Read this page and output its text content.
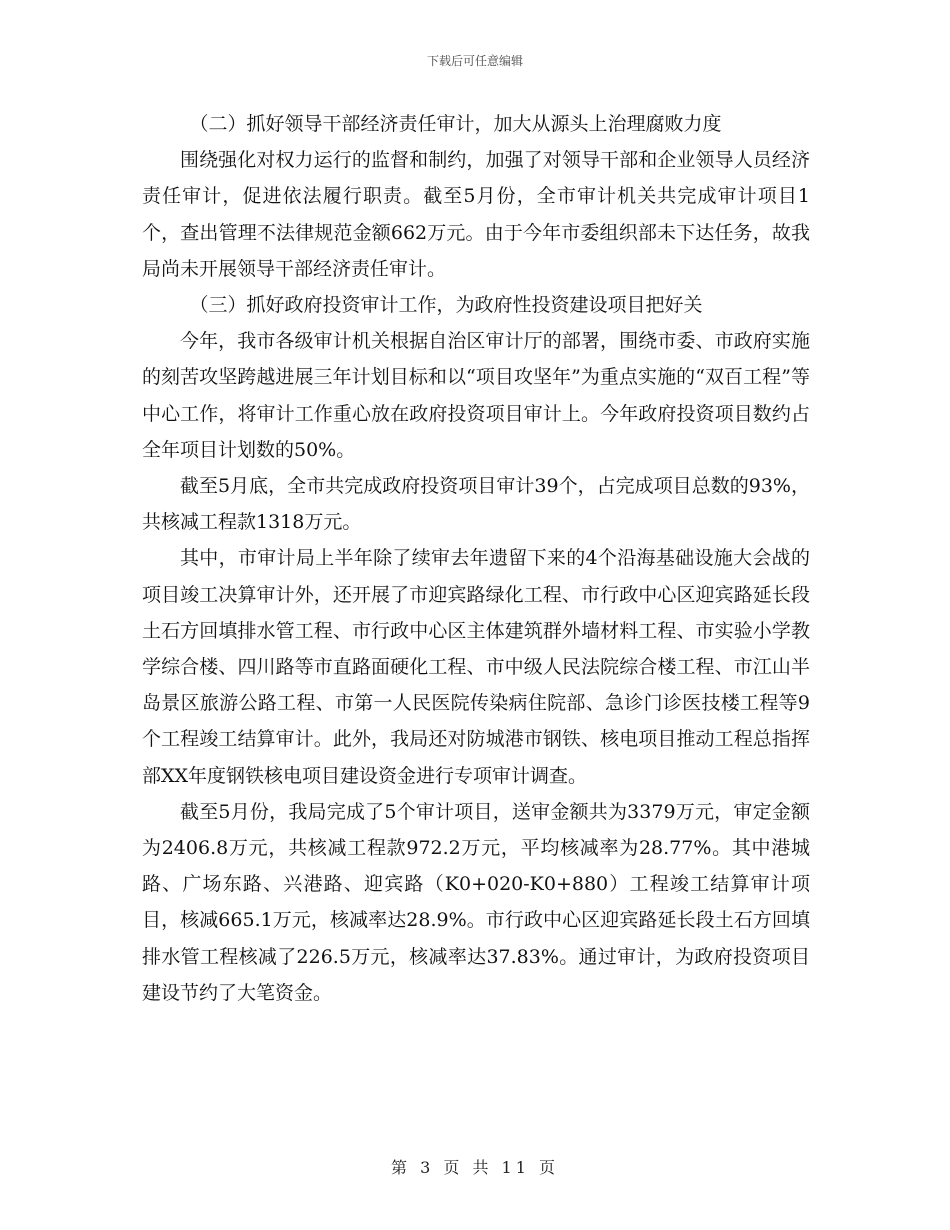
下载后可任意编辑

（二）抓好领导干部经济责任审计，加大从源头上治理腐败力度

围绕强化对权力运行的监督和制约，加强了对领导干部和企业领导人员经济责任审计，促进依法履行职责。截至5月份，全市审计机关共完成审计项目1个，查出管理不法律规范金额662万元。由于今年市委组织部未下达任务，故我局尚未开展领导干部经济责任审计。

（三）抓好政府投资审计工作，为政府性投资建设项目把好关

今年，我市各级审计机关根据自治区审计厅的部署，围绕市委、市政府实施的刻苦攻坚跨越进展三年计划目标和以“项目攻坚年”为重点实施的“双百工程”等中心工作，将审计工作重心放在政府投资项目审计上。今年政府投资项目数约占全年项目计划数的50%。

截至5月底，全市共完成政府投资项目审计39个，占完成项目总数的93%，共核减工程款1318万元。

其中，市审计局上半年除了续审去年遗留下来的4个沿海基础设施大会战的项目竣工决算审计外，还开展了市迎宾路绿化工程、市行政中心区迎宾路延长段土石方回填排水管工程、市行政中心区主体建筑群外墙材料工程、市实验小学教学综合楼、四川路等市直路面硬化工程、市中级人民法院综合楼工程、市江山半岛景区旅游公路工程、市第一人民医院传染病住院部、急诊门诊医技楼工程等9个工程竣工结算审计。此外，我局还对防城港市钢铁、核电项目推动工程总指挥部XX年度钢铁核电项目建设资金进行专项审计调查。

截至5月份，我局完成了5个审计项目，送审金额共为3379万元，审定金额为2406.8万元，共核减工程款972.2万元，平均核减率为28.77%。其中港城路、广场东路、兴港路、迎宾路（K0+020-K0+880）工程竣工结算审计项目，核减665.1万元，核减率达28.9%。市行政中心区迎宾路延长段土石方回填排水管工程核减了226.5万元，核减率达37.83%。通过审计，为政府投资项目建设节约了大笔资金。

第 3 页 共 11 页
